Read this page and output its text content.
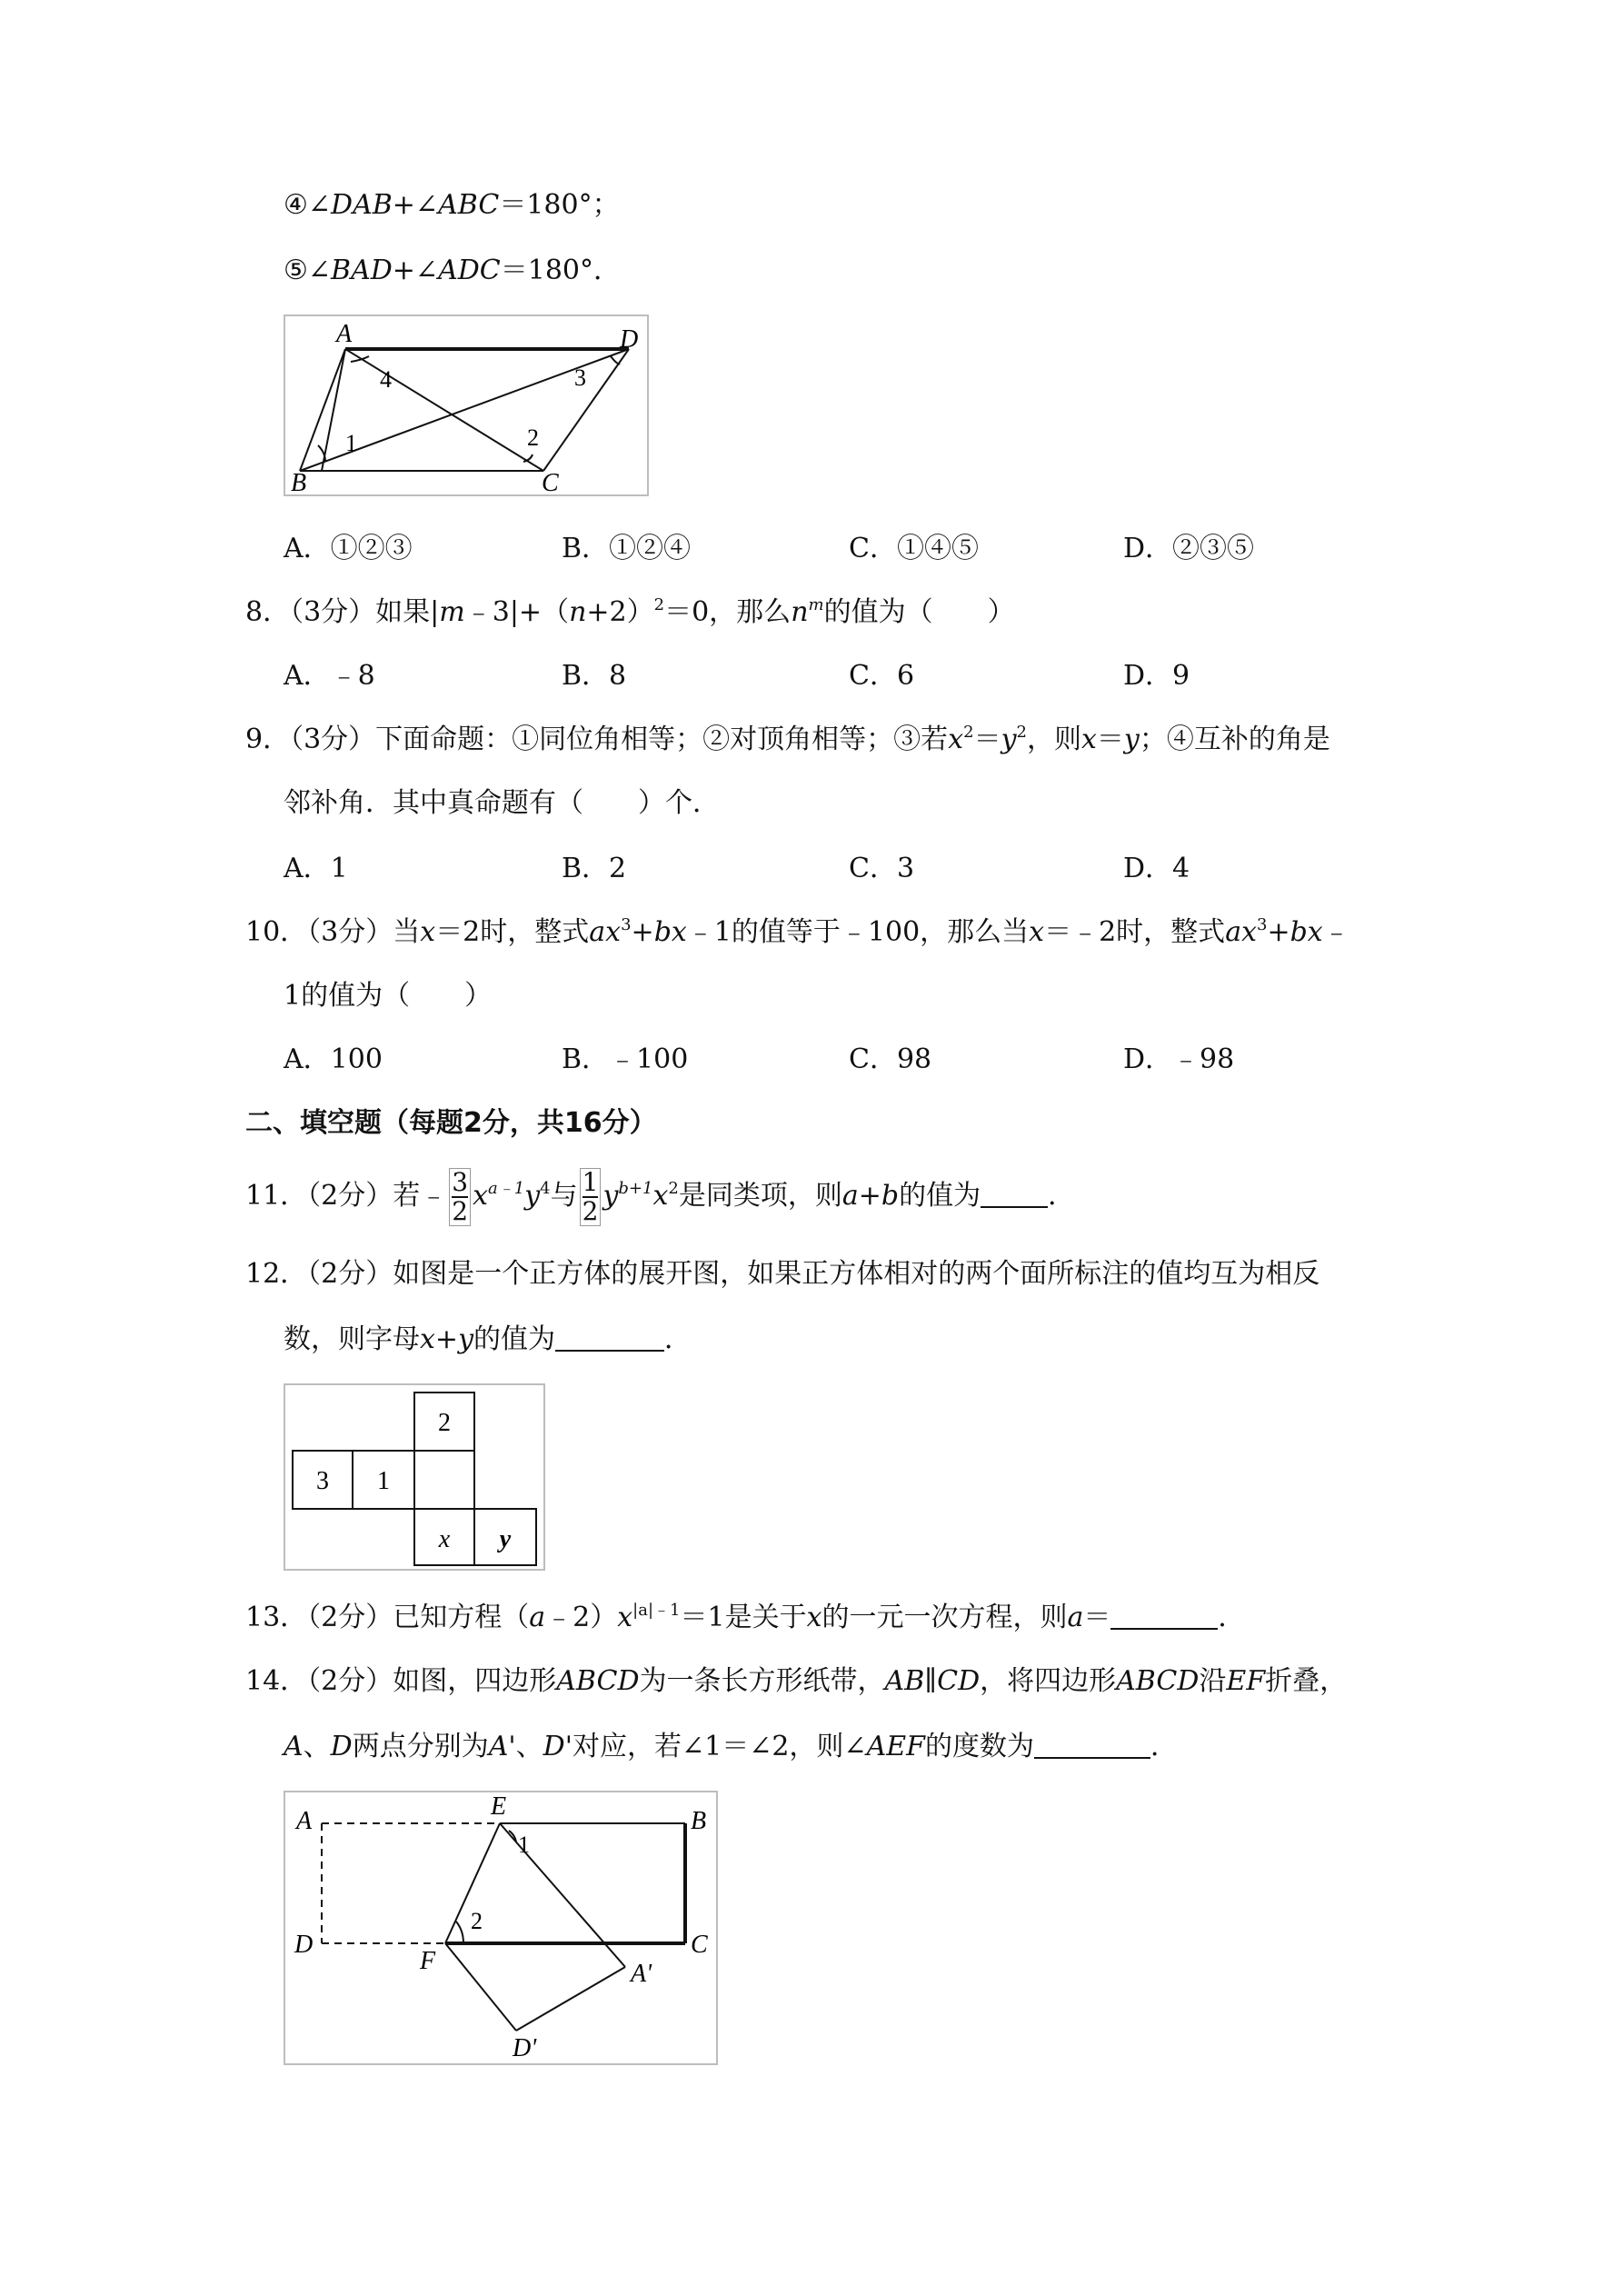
④∠DAB+∠ABC＝180°；
⑤∠BAD+∠ADC＝180°．
A	D
B	C
1	2
3
4
A．①②③	B．①②④	C．①④⑤	D．②③⑤
8．（3分）如果$|m﹣3|+(n+2)^2=0$，那么$n^m$的值为（　　）
A．﹣8	B．8	C．6	D．9
9．（3分）下面命题：①同位角相等；②对顶角相等；③若$x^2=y^2$，则x＝y；④互补的角是
邻补角．其中真命题有（　　）个．
A．1	B．2	C．3	D．4
10．（3分）当x＝2时，整式$ax^3+bx﹣1$的值等于﹣100，那么当x＝﹣2时，整式$ax^3+bx﹣$
1的值为（　　）
A．100	B．﹣100	C．98	D．﹣98
二、填空题（每题2分，共16分）
11．（2分）若﹣ $\frac{3}{2} x^{a﹣1}y^4$与 $\frac{1}{2} y^{b+1}x^2$是同类项，则a+b的值为 ．
12．（2分）如图是一个正方体的展开图，如果正方体相对的两个面所标注的值均互为相反
数，则字母x+y的值为	．
2
3 1
x y
13．（2分）已知方程$(a﹣2)x^{|a|﹣1}=1$是关于x的一元一次方程，则a＝	．
14．（2分）如图，四边形ABCD为一条长方形纸带，AB∥CD，将四边形ABCD沿EF折叠，
A、D两点分别为A'、D'对应，若∠1＝∠2，则∠AEF的度数为	．
A
E
B
1
2
D
F
C
A'
D'
